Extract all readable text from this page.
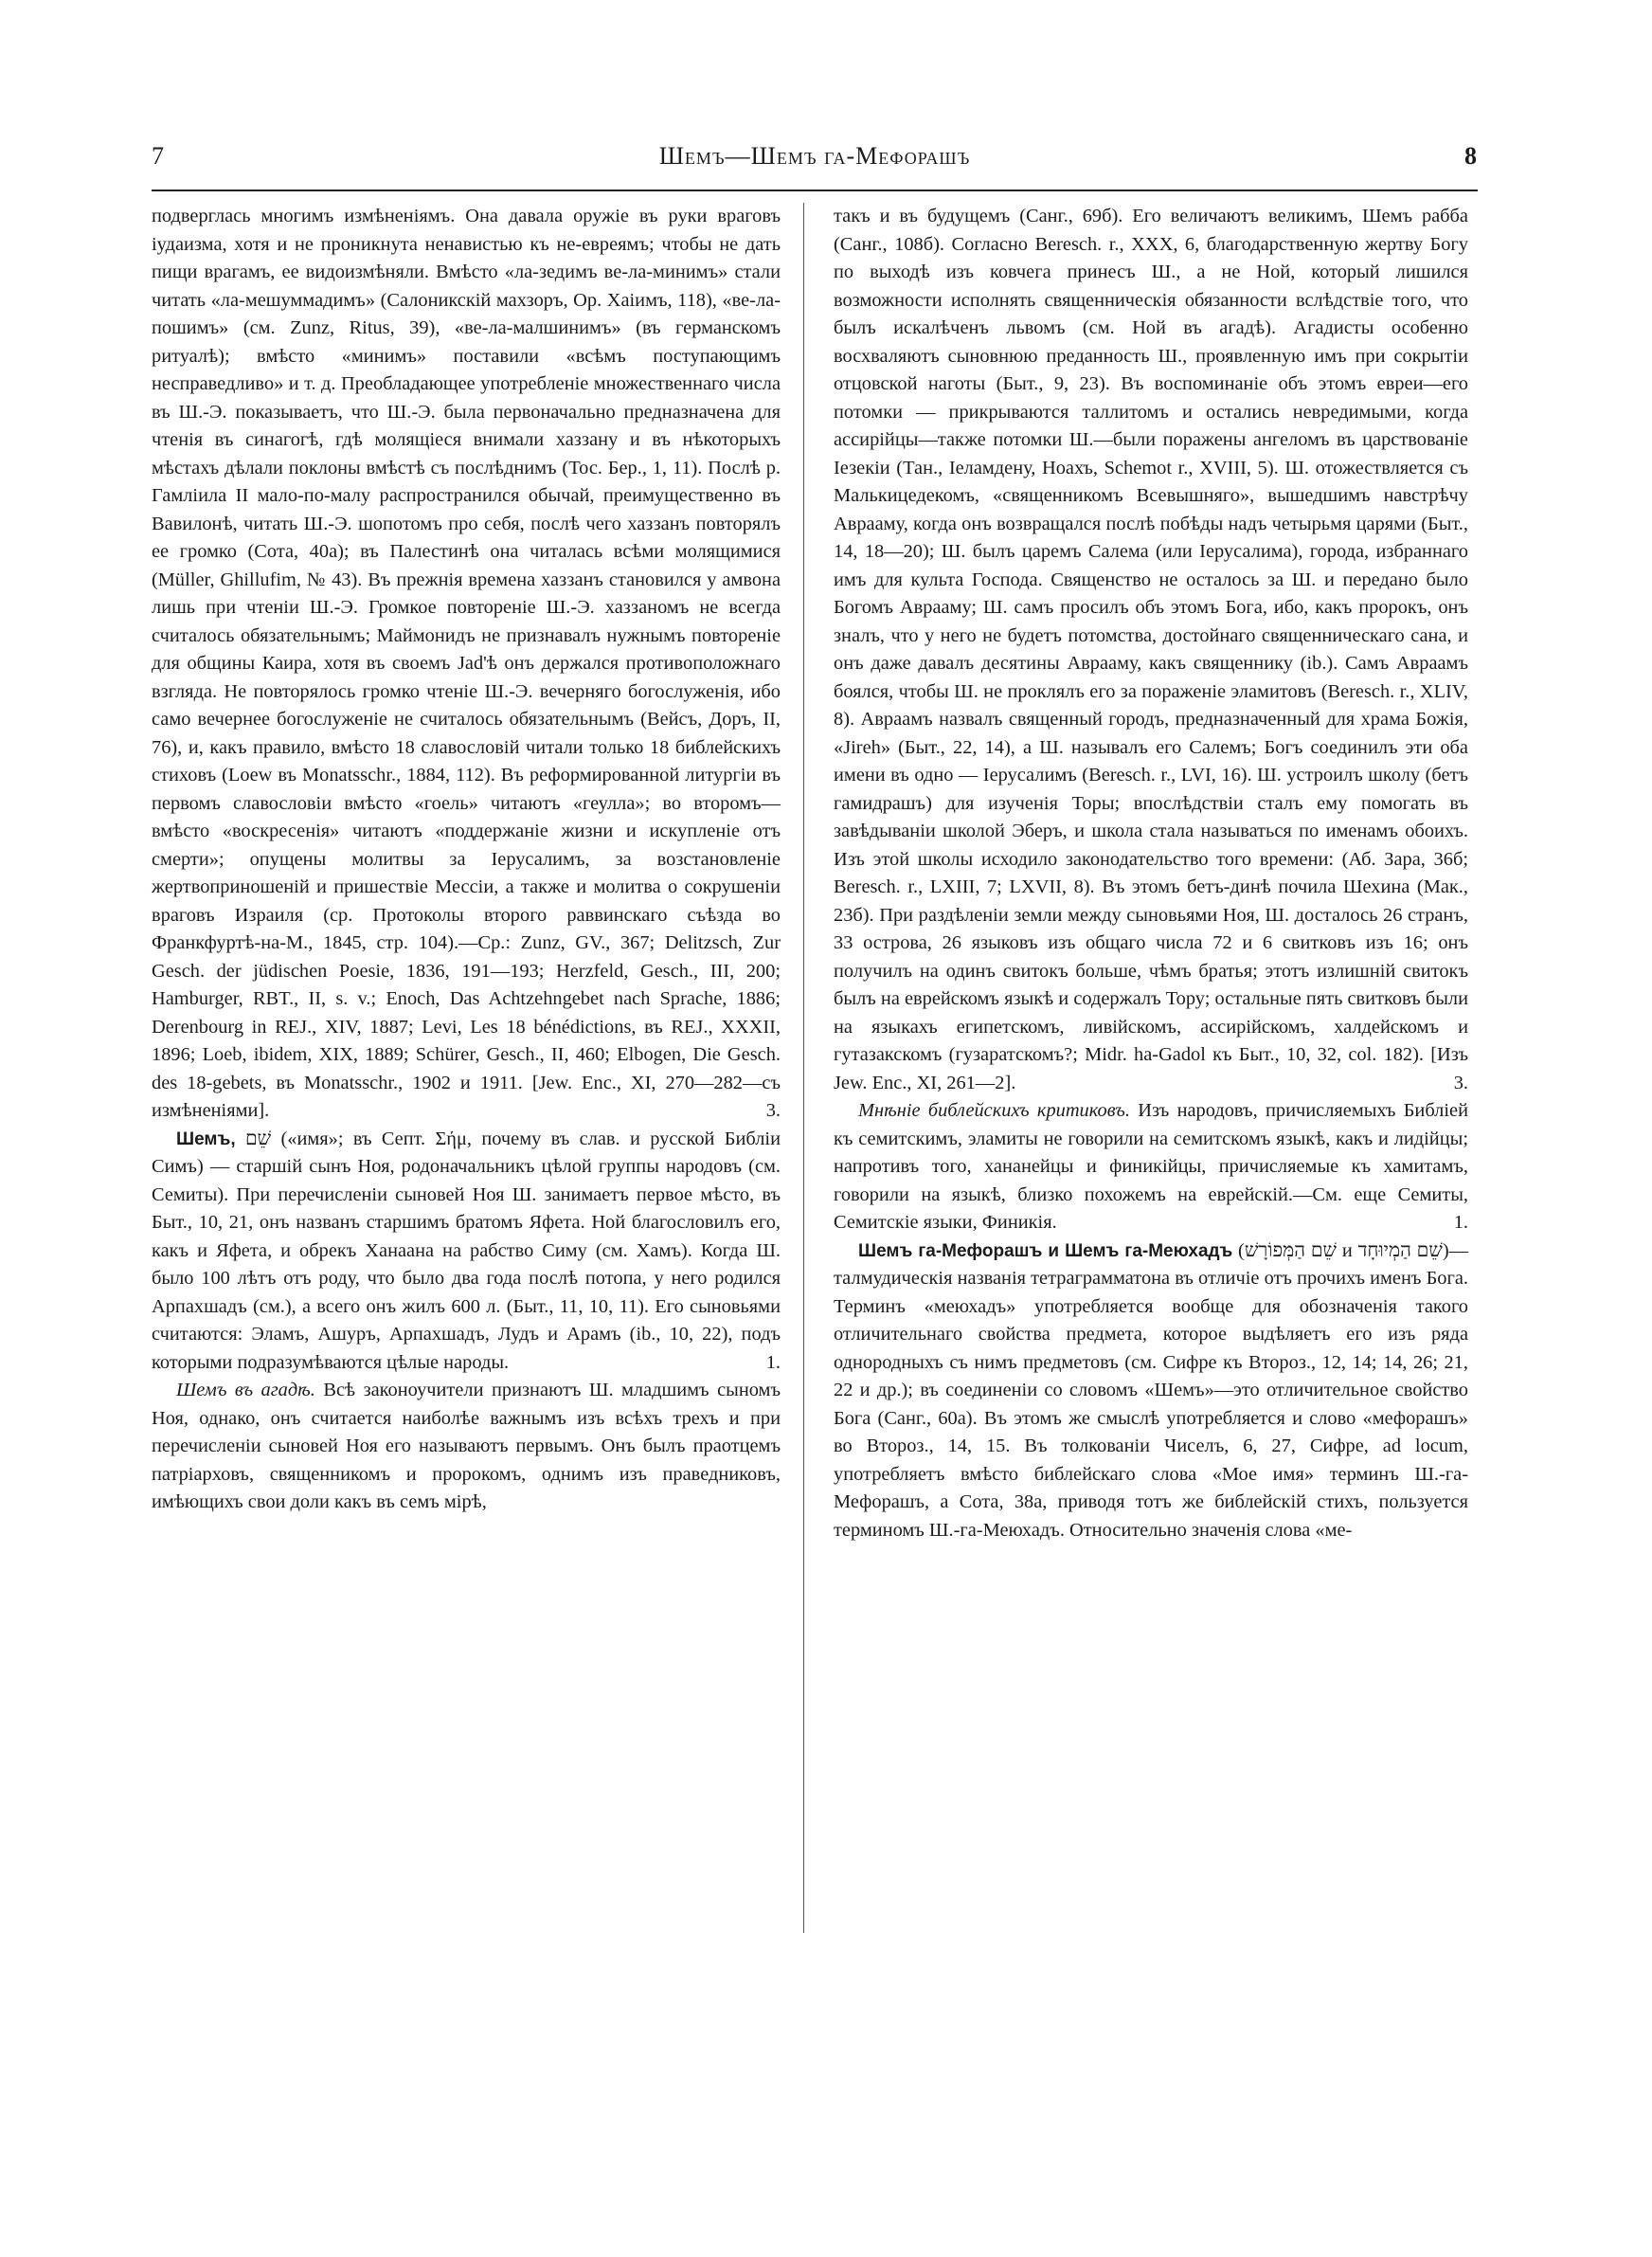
7	Шемъ—Шемъ га-Мефорашъ	8

подверглась многимъ измѣненіямъ. Она давала оружіе въ руки враговъ іудаизма, хотя и не проникнута ненавистью къ не-евреямъ; чтобы не дать пищи врагамъ, ее видоизмѣняли. Вмѣсто «ла-зедимъ ве-ла-минимъ» стали читать «ла-мешуммадимъ» (Салоникскій махзоръ, Ор. Хаіимъ, 118), «ве-ла-пошимъ» (см. Zunz, Ritus, 39), «ве-ла-малшинимъ» (въ германскомъ ритуалѣ); вмѣсто «минимъ» поставили «всѣмъ поступающимъ несправедливо» и т. д. Преобладающее употребленіе множественнаго числа въ Ш.-Э. показываетъ, что Ш.-Э. была первоначально предназначена для чтенія въ синагогѣ, гдѣ молящіеся внимали хаззану и въ нѣкоторыхъ мѣстахъ дѣлали поклоны вмѣстѣ съ послѣднимъ (Тос. Бер., 1, 11). Послѣ р. Гамліила II мало-по-малу распространился обычай, преимущественно въ Вавилонѣ, читать Ш.-Э. шопотомъ про себя, послѣ чего хаззанъ повторялъ ее громко (Сота, 40а); въ Палестинѣ она читалась всѣми молящимися (Müller, Ghillufim, № 43). Въ прежнія времена хаззанъ становился у амвона лишь при чтеніи Ш.-Э. Громкое повтореніе Ш.-Э. хаззаномъ не всегда считалось обязательнымъ; Маймонидъ не признавалъ нужнымъ повтореніе для общины Каира, хотя въ своемъ Jad'ѣ онъ держался противоположнаго взгляда. Не повторялось громко чтеніе Ш.-Э. вечерняго богослуженія, ибо само вечернее богослуженіе не считалось обязательнымъ (Вейсъ, Доръ, II, 76), и, какъ правило, вмѣсто 18 славословій читали только 18 библейскихъ стиховъ (Loew въ Monatsschr., 1884, 112). Въ реформированной литургіи въ первомъ славословіи вмѣсто «гоель» читаютъ «геулла»; во второмъ—вмѣсто «воскресенія» читаютъ «поддержаніе жизни и искупленіе отъ смерти»; опущены молитвы за Іерусалимъ, за возстановленіе жертвоприношеній и пришествіе Мессіи, а также и молитва о сокрушеніи враговъ Израиля (ср. Протоколы второго раввинскаго съѣзда во Франкфуртѣ-на-М., 1845, стр. 104).—Ср.: Zunz, GV., 367; Delitzsch, Zur Gesch. der jüdischen Poesie, 1836, 191—193; Herzfeld, Gesch., III, 200; Hamburger, RBT., II, s. v.; Enoch, Das Achtzehngebet nach Sprache, 1886; Derenbourg in REJ., XIV, 1887; Levi, Les 18 bénédictions, въ REJ., XXXII, 1896; Loeb, ibidem, XIX, 1889; Schürer, Gesch., II, 460; Elbogen, Die Gesch. des 18-gebets, въ Monatsschr., 1902 и 1911. [Jew. Enc., XI, 270—282—съ измѣненіями].	3.

Шемъ, שֵׁם («имя»; въ Септ. Σήμ, почему въ слав. и русской Библіи Симъ) — старшій сынъ Ноя, родоначальникъ цѣлой группы народовъ (см. Семиты). При перечисленіи сыновей Ноя Ш. занимаетъ первое мѣсто, въ Быт., 10, 21, онъ названъ старшимъ братомъ Яфета. Ной благословилъ его, какъ и Яфета, и обрекъ Ханаана на рабство Симу (см. Хамъ). Когда Ш. было 100 лѣтъ отъ роду, что было два года послѣ потопа, у него родился Арпахшадъ (см.), а всего онъ жилъ 600 л. (Быт., 11, 10, 11). Его сыновьями считаются: Эламъ, Ашуръ, Арпахшадъ, Лудъ и Арамъ (ib., 10, 22), подъ которыми подразумѣваются цѣлые народы.	1.

Шемъ въ агадѣ. Всѣ законоучители признаютъ Ш. младшимъ сыномъ Ноя, однако, онъ считается наиболѣе важнымъ изъ всѣхъ трехъ и при перечисленіи сыновей Ноя его называютъ первымъ. Онъ былъ праотцемъ патріарховъ, священникомъ и пророкомъ, однимъ изъ праведниковъ, имѣющихъ свои доли какъ въ семъ мірѣ,

такъ и въ будущемъ (Санг., 69б). Его величаютъ великимъ, Шемъ рабба (Санг., 108б). Согласно Beresch. r., XXX, 6, благодарственную жертву Богу по выходѣ изъ ковчега принесъ Ш., а не Ной, который лишился возможности исполнять священническія обязанности вслѣдствіе того, что былъ искалѣченъ львомъ (см. Ной въ агадѣ). Агадисты особенно восхваляютъ сыновнюю преданность Ш., проявленную имъ при сокрытіи отцовской наготы (Быт., 9, 23). Въ воспоминаніе объ этомъ евреи—его потомки — прикрываются таллитомъ и остались невредимыми, когда ассирійцы—также потомки Ш.—были поражены ангеломъ въ царствованіе Іезекіи (Тан., Іеламдену, Ноахъ, Schemot r., XVIII, 5). Ш. отожествляется съ Малькицедекомъ, «священникомъ Всевышняго», вышедшимъ навстрѣчу Аврааму, когда онъ возвращался послѣ побѣды надъ четырьмя царями (Быт., 14, 18—20); Ш. былъ царемъ Салема (или Іерусалима), города, избраннаго имъ для культа Господа. Священство не осталось за Ш. и передано было Богомъ Аврааму; Ш. самъ просилъ объ этомъ Бога, ибо, какъ пророкъ, онъ зналъ, что у него не будетъ потомства, достойнаго священническаго сана, и онъ даже давалъ десятины Аврааму, какъ священнику (ib.). Самъ Авраамъ боялся, чтобы Ш. не проклялъ его за пораженіе эламитовъ (Beresch. r., XLIV, 8). Авраамъ назвалъ священный городъ, предназначенный для храма Божія, «Jireh» (Быт., 22, 14), а Ш. называлъ его Салемъ; Богъ соединилъ эти оба имени въ одно — Іерусалимъ (Beresch. r., LVI, 16). Ш. устроилъ школу (бетъ гамидрашъ) для изученія Торы; впослѣдствіи сталъ ему помогать въ завѣдываніи школой Эберъ, и школа стала называться по именамъ обоихъ. Изъ этой школы исходило законодательство того времени: (Аб. Зара, 36б; Beresch. r., LXIII, 7; LXVII, 8). Въ этомъ бетъ-динѣ почила Шехина (Мак., 23б). При раздѣленіи земли между сыновьями Ноя, Ш. досталось 26 странъ, 33 острова, 26 языковъ изъ общаго числа 72 и 6 свитковъ изъ 16; онъ получилъ на одинъ свитокъ больше, чѣмъ братья; этотъ излишній свитокъ былъ на еврейскомъ языкѣ и содержалъ Тору; остальные пять свитковъ были на языкахъ египетскомъ, ливійскомъ, ассирійскомъ, халдейскомъ и гутазакскомъ (гузаратскомъ?; Midr. ha-Gadol къ Быт., 10, 32, col. 182). [Изъ Jew. Enc., XI, 261—2].	3.

Мнѣніе библейскихъ критиковъ. Изъ народовъ, причисляемыхъ Библіей къ семитскимъ, эламиты не говорили на семитскомъ языкѣ, какъ и лидійцы; напротивъ того, хананейцы и финикійцы, причисляемые къ хамитамъ, говорили на языкѣ, близко похожемъ на еврейскій.—См. еще Семиты, Семитскіе языки, Финикія.	1.

Шемъ га-Мефорашъ и Шемъ га-Меюхадъ (שֵׁם הַמְּפוֹרָשׁ и שֵׁם הַמְיוּחָד)—талмудическія названія тетраграмматона въ отличіе отъ прочихъ именъ Бога. Терминъ «меюхадъ» употребляется вообще для обозначенія такого отличительнаго свойства предмета, которое выдѣляетъ его изъ ряда однородныхъ съ нимъ предметовъ (см. Сифре къ Второз., 12, 14; 14, 26; 21, 22 и др.); въ соединеніи со словомъ «Шемъ»—это отличительное свойство Бога (Санг., 60а). Въ этомъ же смыслѣ употребляется и слово «мефорашъ» во Второз., 14, 15. Въ толкованіи Чиселъ, 6, 27, Сифре, ad locum, употребляетъ вмѣсто библейскаго слова «Мое имя» терминъ Ш.-га-Мефорашъ, а Сота, 38а, приводя тотъ же библейскій стихъ, пользуется терминомъ Ш.-га-Меюхадъ. Относительно значенія слова «ме-
